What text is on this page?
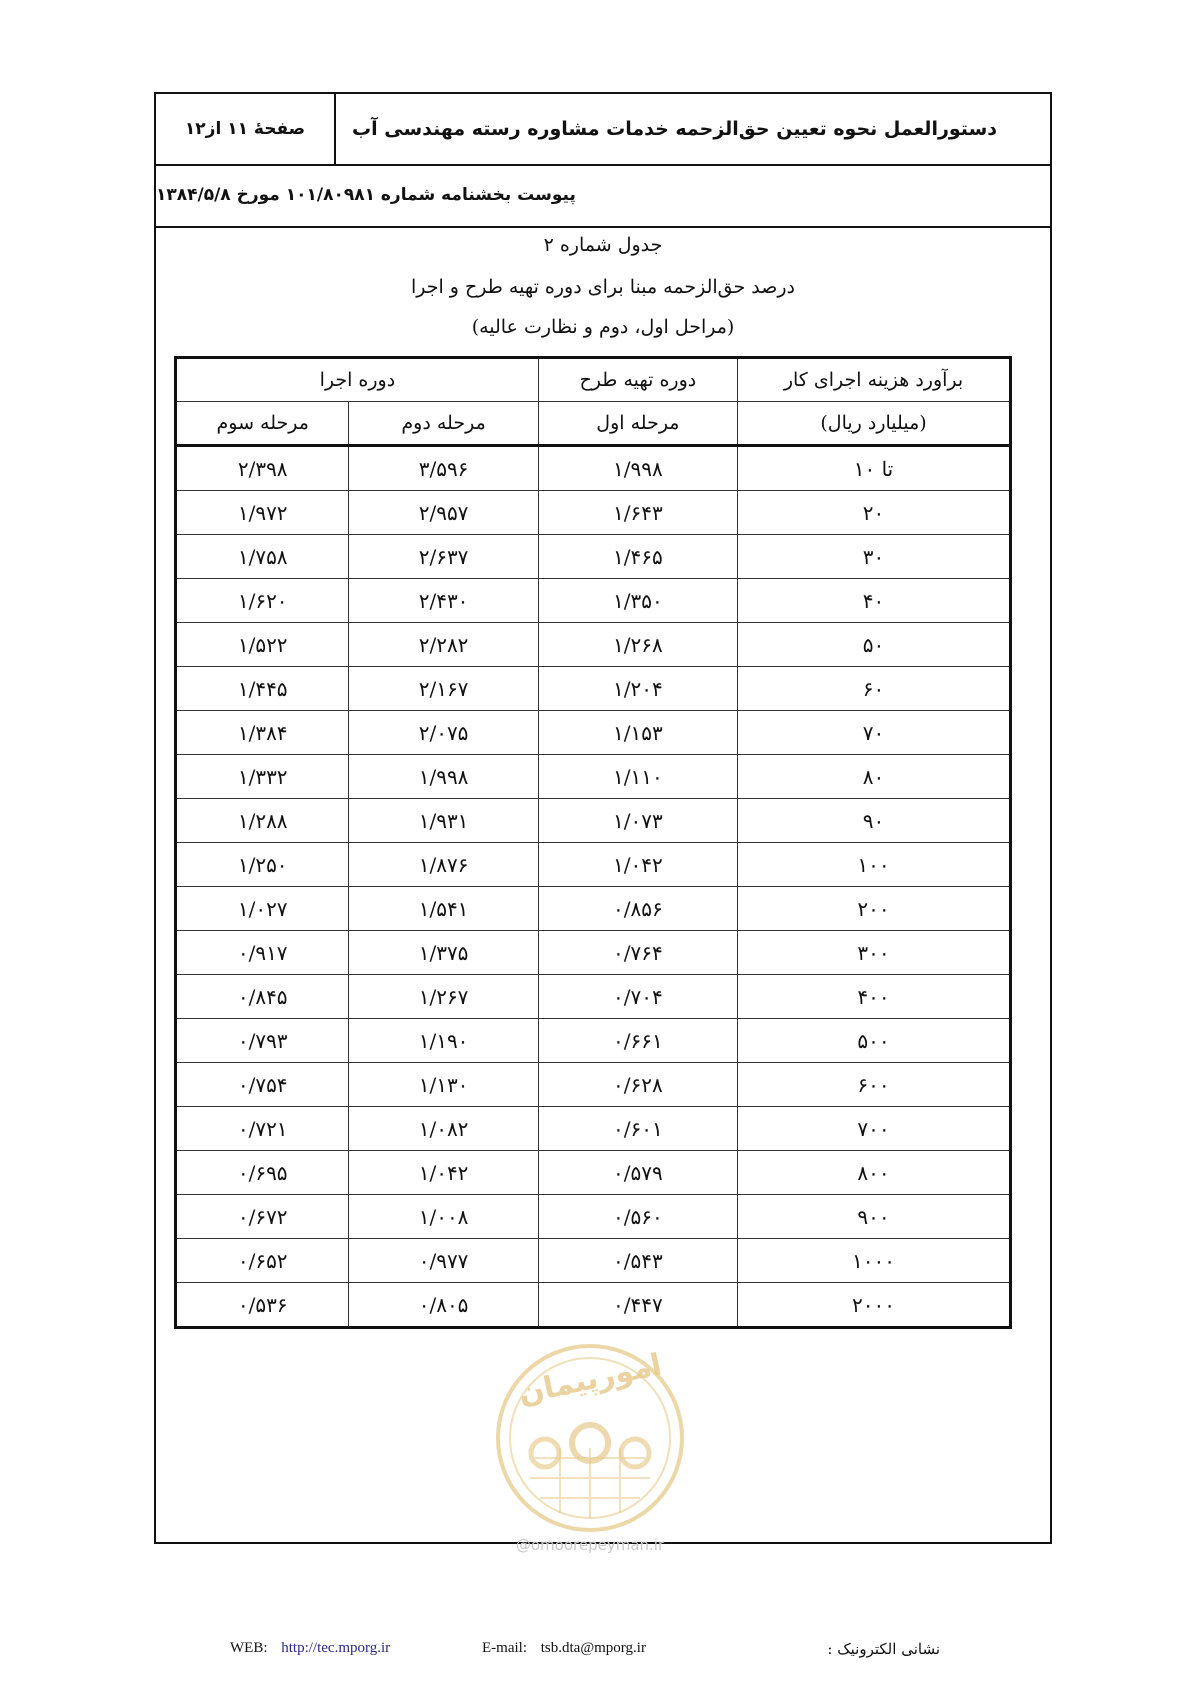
دستورالعمل نحوه تعیین حق‌الزحمه خدمات مشاوره رسته مهندسی آب
صفحهٔ ۱۱ از۱۲
پیوست بخشنامه شماره ۱۰۱/۸۰۹۸۱ مورخ ۱۳۸۴/۵/۸
جدول شماره ۲
درصد حق‌الزحمه مبنا برای دوره تهیه طرح و اجرا
(مراحل اول، دوم و نظارت عالیه)
برآورد هزینه اجرای کار	دوره تهیه طرح	دوره اجرا	
(میلیارد ریال)	مرحله اول	مرحله دوم	مرحله سوم
تا ۱۰	۱/۹۹۸	۳/۵۹۶	۲/۳۹۸
۲۰	۱/۶۴۳	۲/۹۵۷	۱/۹۷۲
۳۰	۱/۴۶۵	۲/۶۳۷	۱/۷۵۸
۴۰	۱/۳۵۰	۲/۴۳۰	۱/۶۲۰
۵۰	۱/۲۶۸	۲/۲۸۲	۱/۵۲۲
۶۰	۱/۲۰۴	۲/۱۶۷	۱/۴۴۵
۷۰	۱/۱۵۳	۲/۰۷۵	۱/۳۸۴
۸۰	۱/۱۱۰	۱/۹۹۸	۱/۳۳۲
۹۰	۱/۰۷۳	۱/۹۳۱	۱/۲۸۸
۱۰۰	۱/۰۴۲	۱/۸۷۶	۱/۲۵۰
۲۰۰	۰/۸۵۶	۱/۵۴۱	۱/۰۲۷
۳۰۰	۰/۷۶۴	۱/۳۷۵	۰/۹۱۷
۴۰۰	۰/۷۰۴	۱/۲۶۷	۰/۸۴۵
۵۰۰	۰/۶۶۱	۱/۱۹۰	۰/۷۹۳
۶۰۰	۰/۶۲۸	۱/۱۳۰	۰/۷۵۴
۷۰۰	۰/۶۰۱	۱/۰۸۲	۰/۷۲۱
۸۰۰	۰/۵۷۹	۱/۰۴۲	۰/۶۹۵
۹۰۰	۰/۵۶۰	۱/۰۰۸	۰/۶۷۲
۱۰۰۰	۰/۵۴۳	۰/۹۷۷	۰/۶۵۲
۲۰۰۰	۰/۴۴۷	۰/۸۰۵	۰/۵۳۶
امورپیمان
@omoorepeyman.ir
WEB: http://tec.mporg.ir	E-mail: tsb.dta@mporg.ir	نشانی الکترونیک :
